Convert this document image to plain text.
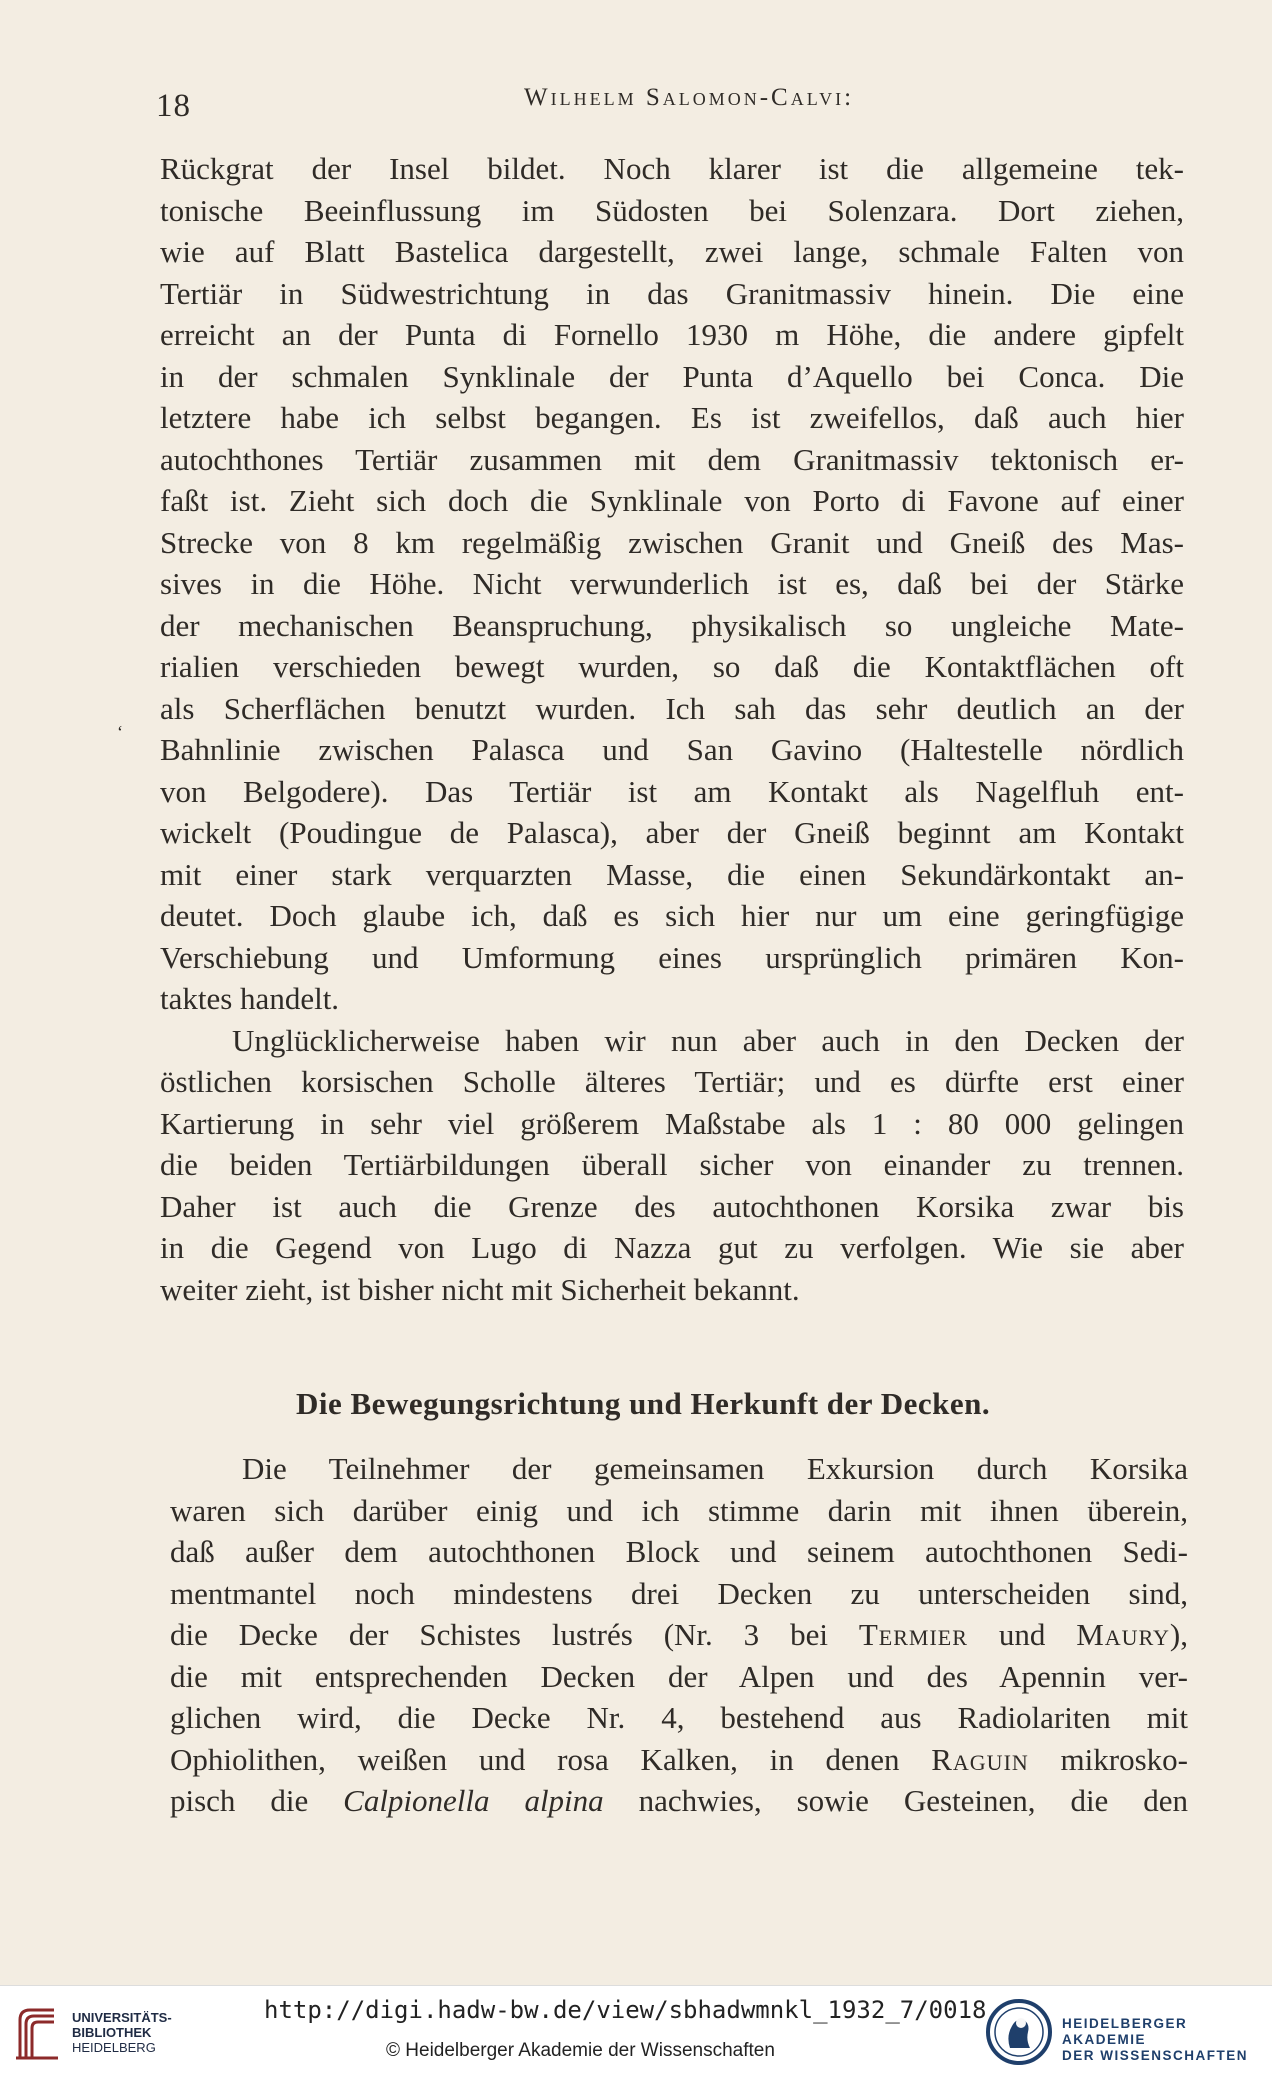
18	Wilhelm Salomon-Calvi:
‘
Rückgrat der Insel bildet. Noch klarer ist die allgemeine tek-
tonische Beeinflussung im Südosten bei Solenzara. Dort ziehen,
wie auf Blatt Bastelica dargestellt, zwei lange, schmale Falten von
Tertiär in Südwestrichtung in das Granitmassiv hinein. Die eine
erreicht an der Punta di Fornello 1930 m Höhe, die andere gipfelt
in der schmalen Synklinale der Punta d’Aquello bei Conca. Die
letztere habe ich selbst begangen. Es ist zweifellos, daß auch hier
autochthones Tertiär zusammen mit dem Granitmassiv tektonisch er-
faßt ist. Zieht sich doch die Synklinale von Porto di Favone auf einer
Strecke von 8 km regelmäßig zwischen Granit und Gneiß des Mas-
sives in die Höhe. Nicht verwunderlich ist es, daß bei der Stärke
der mechanischen Beanspruchung, physikalisch so ungleiche Mate-
rialien verschieden bewegt wurden, so daß die Kontaktflächen oft
als Scherflächen benutzt wurden. Ich sah das sehr deutlich an der
Bahnlinie zwischen Palasca und San Gavino (Haltestelle nördlich
von Belgodere). Das Tertiär ist am Kontakt als Nagelfluh ent-
wickelt (Poudingue de Palasca), aber der Gneiß beginnt am Kontakt
mit einer stark verquarzten Masse, die einen Sekundärkontakt an-
deutet. Doch glaube ich, daß es sich hier nur um eine geringfügige
Verschiebung und Umformung eines ursprünglich primären Kon-
taktes handelt.
Unglücklicherweise haben wir nun aber auch in den Decken der
östlichen korsischen Scholle älteres Tertiär; und es dürfte erst einer
Kartierung in sehr viel größerem Maßstabe als 1 : 80 000 gelingen
die beiden Tertiärbildungen überall sicher von einander zu trennen.
Daher ist auch die Grenze des autochthonen Korsika zwar bis
in die Gegend von Lugo di Nazza gut zu verfolgen. Wie sie aber
weiter zieht, ist bisher nicht mit Sicherheit bekannt.
Die Bewegungsrichtung und Herkunft der Decken.
Die Teilnehmer der gemeinsamen Exkursion durch Korsika
waren sich darüber einig und ich stimme darin mit ihnen überein,
daß außer dem autochthonen Block und seinem autochthonen Sedi-
mentmantel noch mindestens drei Decken zu unterscheiden sind,
die Decke der Schistes lustrés (Nr. 3 bei Termier und Maury),
die mit entsprechenden Decken der Alpen und des Apennin ver-
glichen wird, die Decke Nr. 4, bestehend aus Radiolariten mit
Ophiolithen, weißen und rosa Kalken, in denen Raguin mikrosko-
pisch die Calpionella alpina nachwies, sowie Gesteinen, die den
UNIVERSITÄTS-
BIBLIOTHEK
HEIDELBERG
http://digi.hadw-bw.de/view/sbhadwmnkl_1932_7/0018
© Heidelberger Akademie der Wissenschaften
HEIDELBERGER AKADEMIE
DER WISSENSCHAFTEN
